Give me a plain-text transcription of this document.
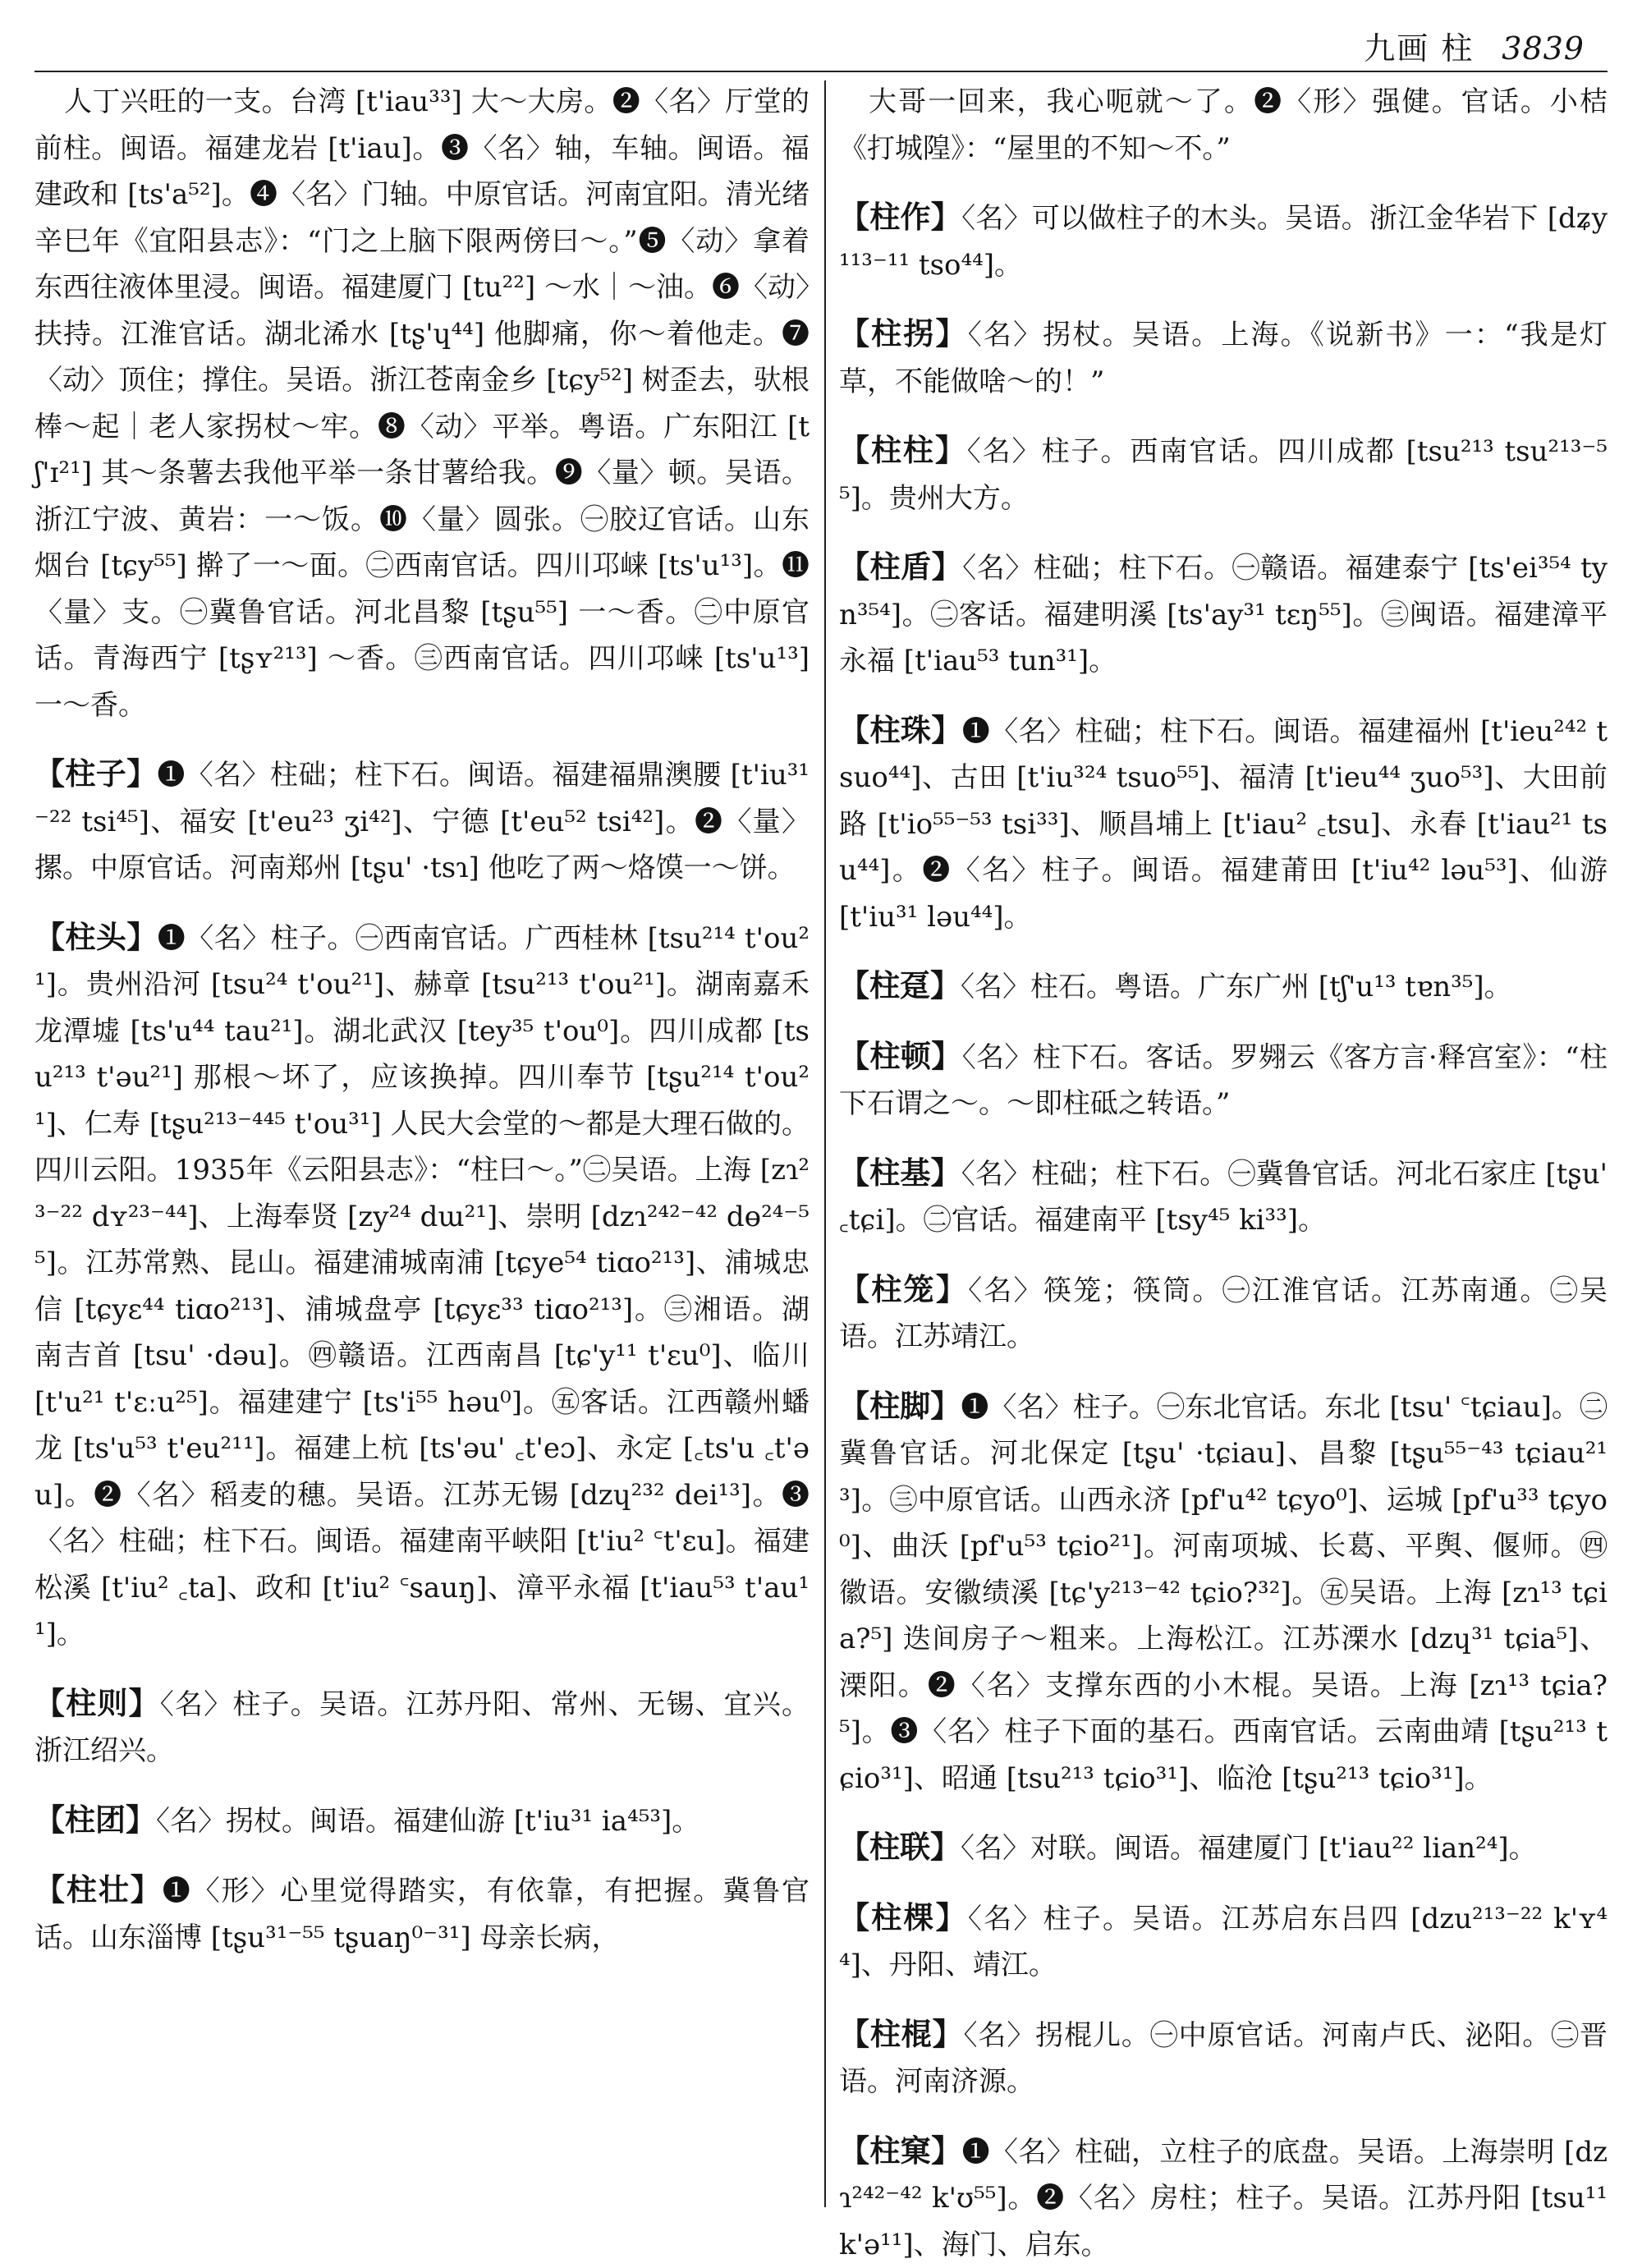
九画 柱 3839

人丁兴旺的一支。台湾 [t'iau³³] 大～大房。❷〈名〉厅堂的前柱。闽语。福建龙岩 [t'iau]。❸〈名〉轴，车轴。闽语。福建政和 [ts'a⁵²]。❹〈名〉门轴。中原官话。河南宜阳。清光绪辛巳年《宜阳县志》：“门之上脑下限两傍曰～。”❺〈动〉拿着东西往液体里浸。闽语。福建厦门 [tu²²] ～水｜～油。❻〈动〉扶持。江淮官话。湖北浠水 [tʂ'ɥ⁴⁴] 他脚痛，你～着他走。❼〈动〉顶住；撑住。吴语。浙江苍南金乡 [tɕy⁵²] 树歪去，驮根棒～起｜老人家拐杖～牢。❽〈动〉平举。粤语。广东阳江 [tʃ'ɪ²¹] 其～条薯去我他平举一条甘薯给我。❾〈量〉顿。吴语。浙江宁波、黄岩：一～饭。❿〈量〉圆张。㊀胶辽官话。山东烟台 [tɕy⁵⁵] 擀了一～面。㊁西南官话。四川邛崃 [ts'u¹³]。⓫〈量〉支。㊀冀鲁官话。河北昌黎 [tʂu⁵⁵] 一～香。㊁中原官话。青海西宁 [tʂʏ²¹³] ～香。㊂西南官话。四川邛崃 [ts'u¹³] 一～香。

【柱子】❶〈名〉柱础；柱下石。闽语。福建福鼎澳腰 [t'iu³¹⁻²² tsi⁴⁵]、福安 [t'eu²³ ʒi⁴²]、宁德 [t'eu⁵² tsi⁴²]。❷〈量〉摞。中原官话。河南郑州 [tʂu' ·tsɿ] 他吃了两～烙馍一～饼。

【柱头】❶〈名〉柱子。㊀西南官话。广西桂林 [tsu²¹⁴ t'ou²¹]。贵州沿河 [tsu²⁴ t'ou²¹]、赫章 [tsu²¹³ t'ou²¹]。湖南嘉禾龙潭墟 [ts'u⁴⁴ tau²¹]。湖北武汉 [tey³⁵ t'ou⁰]。四川成都 [tsu²¹³ t'əu²¹] 那根～坏了，应该换掉。四川奉节 [tʂu²¹⁴ t'ou²¹]、仁寿 [tʂu²¹³⁻⁴⁴⁵ t'ou³¹] 人民大会堂的～都是大理石做的。四川云阳。1935年《云阳县志》：“柱曰～。”㊁吴语。上海 [zɿ²³⁻²² dʏ²³⁻⁴⁴]、上海奉贤 [zy²⁴ dɯ²¹]、崇明 [dzɿ²⁴²⁻⁴² dɵ²⁴⁻⁵⁵]。江苏常熟、昆山。福建浦城南浦 [tɕye⁵⁴ tiɑo²¹³]、浦城忠信 [tɕyɛ⁴⁴ tiɑo²¹³]、浦城盘亭 [tɕyɛ³³ tiɑo²¹³]。㊂湘语。湖南吉首 [tsu' ·dəu]。㊃赣语。江西南昌 [tɕ'y¹¹ t'ɛu⁰]、临川 [t'u²¹ t'ɛːu²⁵]。福建建宁 [ts'i⁵⁵ həu⁰]。㊄客话。江西赣州蟠龙 [ts'u⁵³ t'eu²¹¹]。福建上杭 [ts'əu' ꜀t'eɔ]、永定 [꜀ts'u ꜀t'əu]。❷〈名〉稻麦的穗。吴语。江苏无锡 [dzɥ²³² dei¹³]。❸〈名〉柱础；柱下石。闽语。福建南平峡阳 [t'iu² ꜂t'ɛu]。福建松溪 [t'iu² ꜀ta]、政和 [t'iu² ꜂sauŋ]、漳平永福 [t'iau⁵³ t'au¹¹]。

【柱则】〈名〉柱子。吴语。江苏丹阳、常州、无锡、宜兴。浙江绍兴。

【柱团】〈名〉拐杖。闽语。福建仙游 [t'iu³¹ ia⁴⁵³]。

【柱壮】❶〈形〉心里觉得踏实，有依靠，有把握。冀鲁官话。山东淄博 [tʂu³¹⁻⁵⁵ tʂuaŋ⁰⁻³¹] 母亲长病，

大哥一回来，我心呃就～了。❷〈形〉强健。官话。小桔《打城隍》：“屋里的不知～不。”

【柱作】〈名〉可以做柱子的木头。吴语。浙江金华岩下 [dʑy¹¹³⁻¹¹ tso⁴⁴]。

【柱拐】〈名〉拐杖。吴语。上海。《说新书》一：“我是灯草，不能做啥～的！”

【柱柱】〈名〉柱子。西南官话。四川成都 [tsu²¹³ tsu²¹³⁻⁵⁵]。贵州大方。

【柱盾】〈名〉柱础；柱下石。㊀赣语。福建泰宁 [ts'ei³⁵⁴ tyn³⁵⁴]。㊁客话。福建明溪 [ts'ay³¹ tɛŋ⁵⁵]。㊂闽语。福建漳平永福 [t'iau⁵³ tun³¹]。

【柱珠】❶〈名〉柱础；柱下石。闽语。福建福州 [t'ieu²⁴² tsuo⁴⁴]、古田 [t'iu³²⁴ tsuo⁵⁵]、福清 [t'ieu⁴⁴ ʒuo⁵³]、大田前路 [t'io⁵⁵⁻⁵³ tsi³³]、顺昌埔上 [t'iau² ꜀tsu]、永春 [t'iau²¹ tsu⁴⁴]。❷〈名〉柱子。闽语。福建莆田 [t'iu⁴² ləu⁵³]、仙游 [t'iu³¹ ləu⁴⁴]。

【柱趸】〈名〉柱石。粤语。广东广州 [tʃ'u¹³ tɐn³⁵]。

【柱顿】〈名〉柱下石。客话。罗翙云《客方言·释宫室》：“柱下石谓之～。～即柱砥之转语。”

【柱基】〈名〉柱础；柱下石。㊀冀鲁官话。河北石家庄 [tʂu' ꜀tɕi]。㊁官话。福建南平 [tsy⁴⁵ ki³³]。

【柱笼】〈名〉筷笼；筷筒。㊀江淮官话。江苏南通。㊁吴语。江苏靖江。

【柱脚】❶〈名〉柱子。㊀东北官话。东北 [tsu' ꜂tɕiau]。㊁冀鲁官话。河北保定 [tʂu' ·tɕiau]、昌黎 [tʂu⁵⁵⁻⁴³ tɕiau²¹³]。㊂中原官话。山西永济 [pf'u⁴² tɕyo⁰]、运城 [pf'u³³ tɕyo⁰]、曲沃 [pf'u⁵³ tɕio²¹]。河南项城、长葛、平舆、偃师。㊃徽语。安徽绩溪 [tɕ'y²¹³⁻⁴² tɕio?³²]。㊄吴语。上海 [zɿ¹³ tɕia?⁵] 迭间房子～粗来。上海松江。江苏溧水 [dzɥ³¹ tɕia⁵]、溧阳。❷〈名〉支撑东西的小木棍。吴语。上海 [zɿ¹³ tɕia?⁵]。❸〈名〉柱子下面的基石。西南官话。云南曲靖 [tʂu²¹³ tɕio³¹]、昭通 [tsu²¹³ tɕio³¹]、临沧 [tʂu²¹³ tɕio³¹]。

【柱联】〈名〉对联。闽语。福建厦门 [t'iau²² lian²⁴]。

【柱棵】〈名〉柱子。吴语。江苏启东吕四 [dzu²¹³⁻²² k'ʏ⁴⁴]、丹阳、靖江。

【柱棍】〈名〉拐棍儿。㊀中原官话。河南卢氏、泌阳。㊁晋语。河南济源。

【柱窠】❶〈名〉柱础，立柱子的底盘。吴语。上海崇明 [dzɿ²⁴²⁻⁴² k'ʊ⁵⁵]。❷〈名〉房柱；柱子。吴语。江苏丹阳 [tsu¹¹ k'ə¹¹]、海门、启东。
